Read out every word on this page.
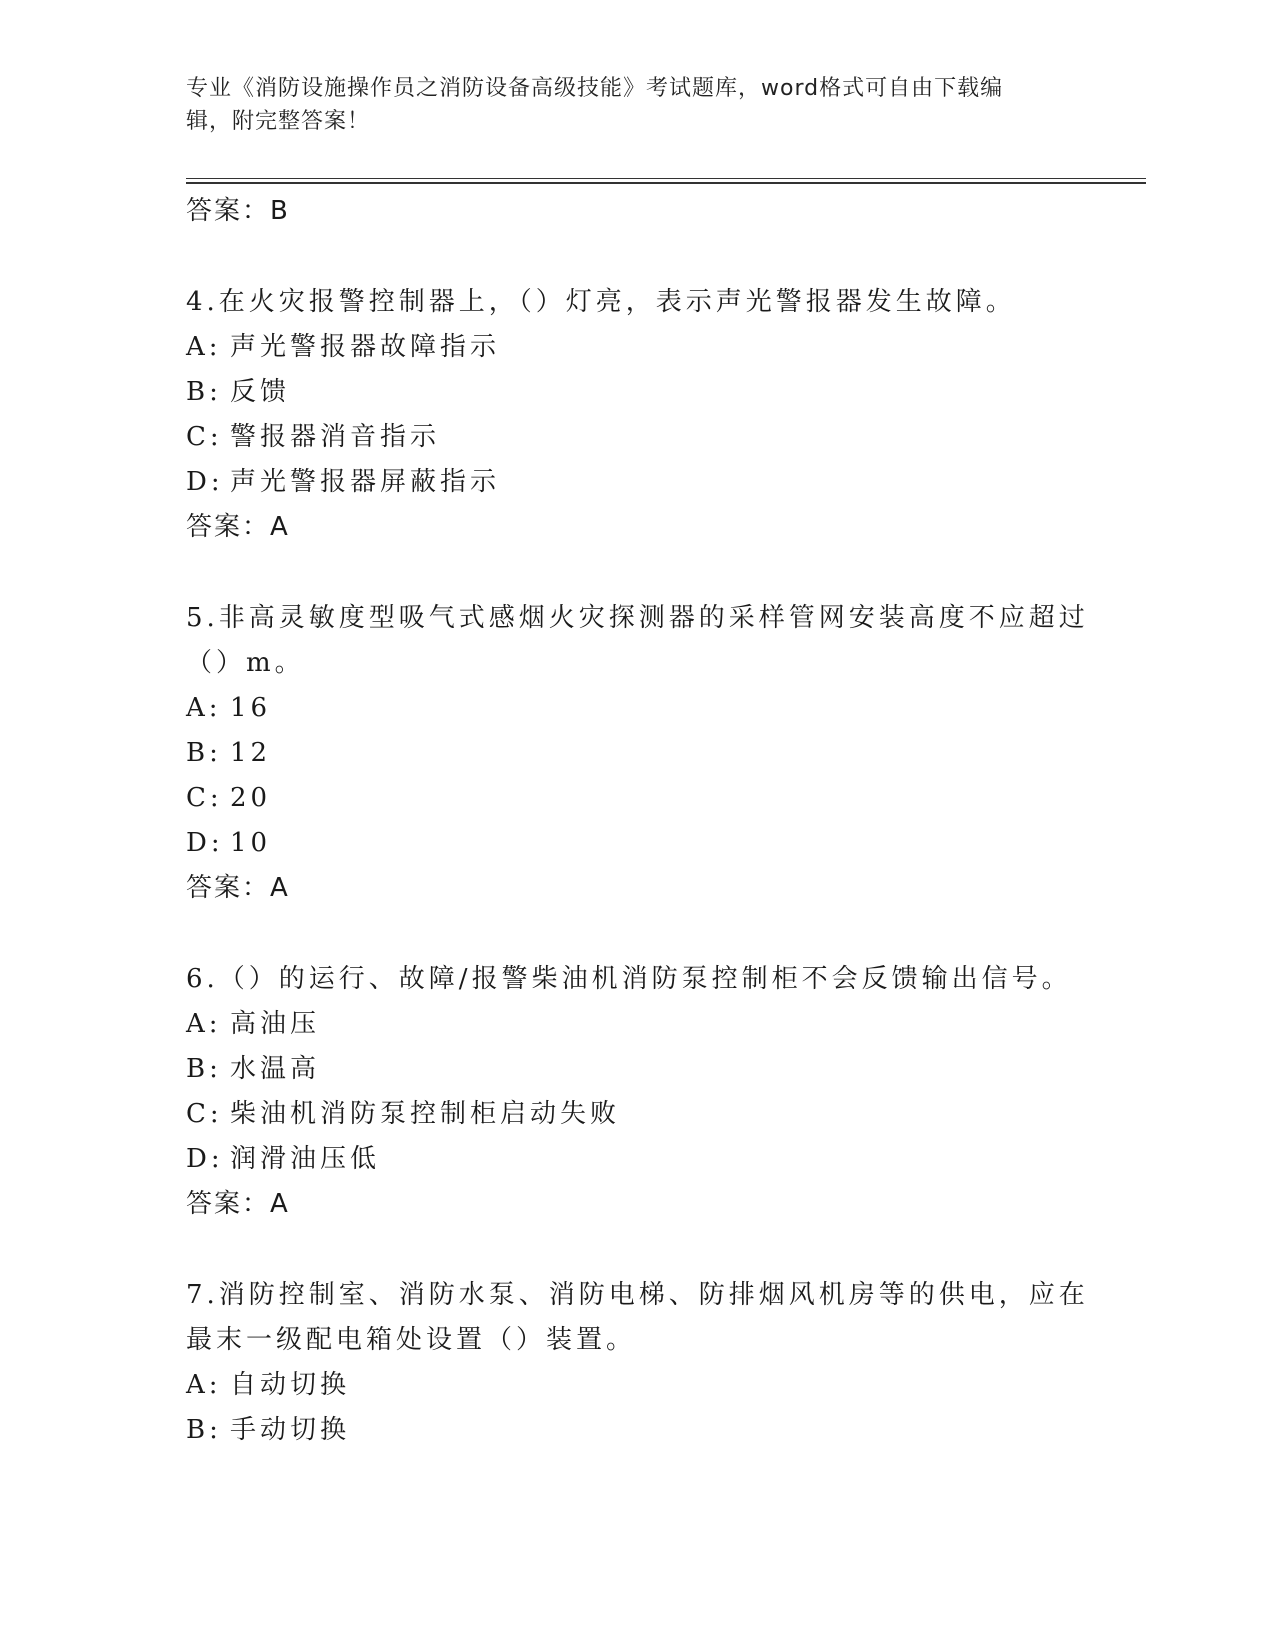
专业《消防设施操作员之消防设备高级技能》考试题库，word格式可自由下载编
辑，附完整答案！
答案：B
4.在火灾报警控制器上，（）灯亮，表示声光警报器发生故障。
A: 声光警报器故障指示
B: 反馈
C: 警报器消音指示
D: 声光警报器屏蔽指示
答案：A
5.非高灵敏度型吸气式感烟火灾探测器的采样管网安装高度不应超过
（）m。
A: 16
B: 12
C: 20
D: 10
答案：A
6.（）的运行、故障/报警柴油机消防泵控制柜不会反馈输出信号。
A: 高油压
B: 水温高
C: 柴油机消防泵控制柜启动失败
D: 润滑油压低
答案：A
7.消防控制室、消防水泵、消防电梯、防排烟风机房等的供电，应在
最末一级配电箱处设置（）装置。
A: 自动切换
B: 手动切换
